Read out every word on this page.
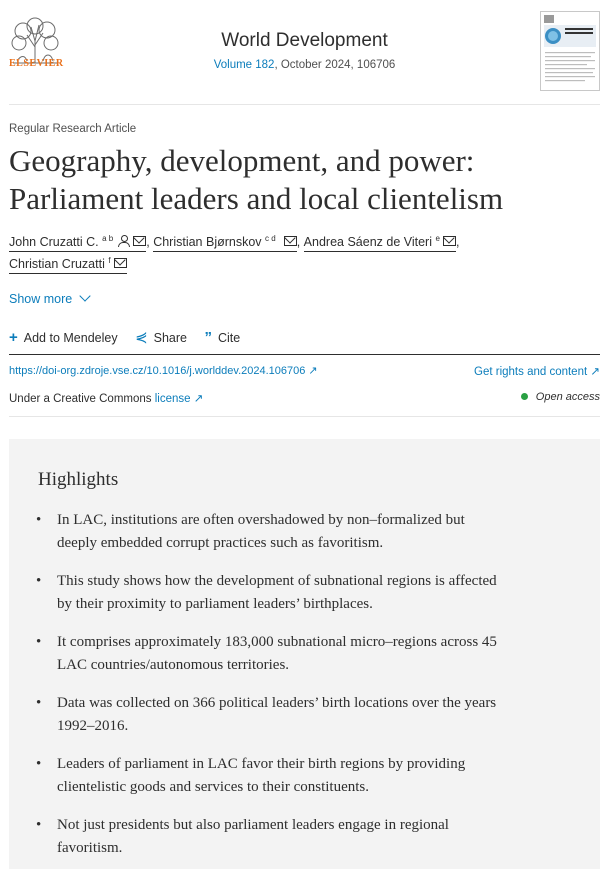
ELSEVIER
World Development
Volume 182, October 2024, 106706
Regular Research Article
Geography, development, and power: Parliament leaders and local clientelism
John Cruzatti C. $^{a b}$	, Christian Bjørnskov $^{c d}$ , Andrea Sáenz de Viteri $^e$ ,
Christian Cruzatti $^f$
Show more
+ Add to Mendeley ⋞ Share ” Cite
https://doi-org.zdroje.vse.cz/10.1016/j.worlddev.2024.106706 ↗	Get rights and content ↗
Under a Creative Commons license ↗	Open access
Highlights
• In LAC, institutions are often overshadowed by non–formalized but deeply embedded corrupt practices such as favoritism.
• This study shows how the development of subnational regions is affected by their proximity to parliament leaders’ birthplaces.
• It comprises approximately 183,000 subnational micro–regions across 45 LAC countries/autonomous territories.
• Data was collected on 366 political leaders’ birth locations over the years 1992–2016.
• Leaders of parliament in LAC favor their birth regions by providing clientelistic goods and services to their constituents.
• Not just presidents but also parliament leaders engage in regional favoritism.
